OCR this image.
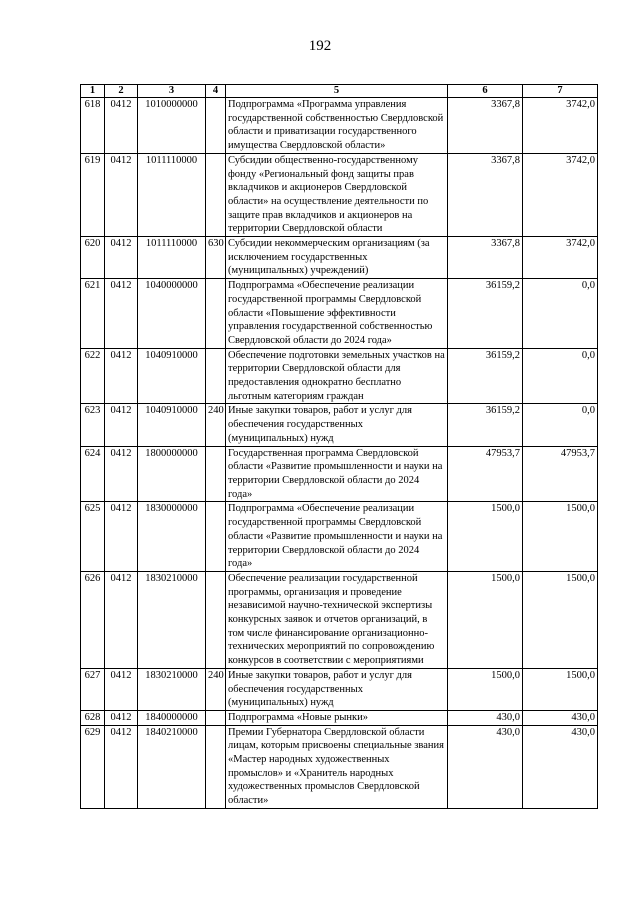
192
1	2	3	4	5	6	7
618	0412	1010000000		Подпрограмма «Программа управления государственной собственностью Свердловской области и приватизации государственного имущества Свердловской области»	3367,8	3742,0
619	0412	1011110000		Субсидии общественно-государственному фонду «Региональный фонд защиты прав вкладчиков и акционеров Свердловской области» на осуществление деятельности по защите прав вкладчиков и акционеров на территории Свердловской области	3367,8	3742,0
620	0412	1011110000	630	Субсидии некоммерческим организациям (за исключением государственных (муниципальных) учреждений)	3367,8	3742,0
621	0412	1040000000		Подпрограмма «Обеспечение реализации государственной программы Свердловской области «Повышение эффективности управления государственной собственностью Свердловской области до 2024 года»	36159,2	0,0
622	0412	1040910000		Обеспечение подготовки земельных участков на территории Свердловской области для предоставления однократно бесплатно льготным категориям граждан	36159,2	0,0
623	0412	1040910000	240	Иные закупки товаров, работ и услуг для обеспечения государственных (муниципальных) нужд	36159,2	0,0
624	0412	1800000000		Государственная программа Свердловской области «Развитие промышленности и науки на территории Свердловской области до 2024 года»	47953,7	47953,7
625	0412	1830000000		Подпрограмма «Обеспечение реализации государственной программы Свердловской области «Развитие промышленности и науки на территории Свердловской области до 2024 года»	1500,0	1500,0
626	0412	1830210000		Обеспечение реализации государственной программы, организация и проведение независимой научно-технической экспертизы конкурсных заявок и отчетов организаций, в том числе финансирование организационно-технических мероприятий по сопровождению конкурсов в соответствии с мероприятиями	1500,0	1500,0
627	0412	1830210000	240	Иные закупки товаров, работ и услуг для обеспечения государственных (муниципальных) нужд	1500,0	1500,0
628	0412	1840000000		Подпрограмма «Новые рынки»	430,0	430,0
629	0412	1840210000		Премии Губернатора Свердловской области лицам, которым присвоены специальные звания «Мастер народных художественных промыслов» и «Хранитель народных художественных промыслов Свердловской области»	430,0	430,0
